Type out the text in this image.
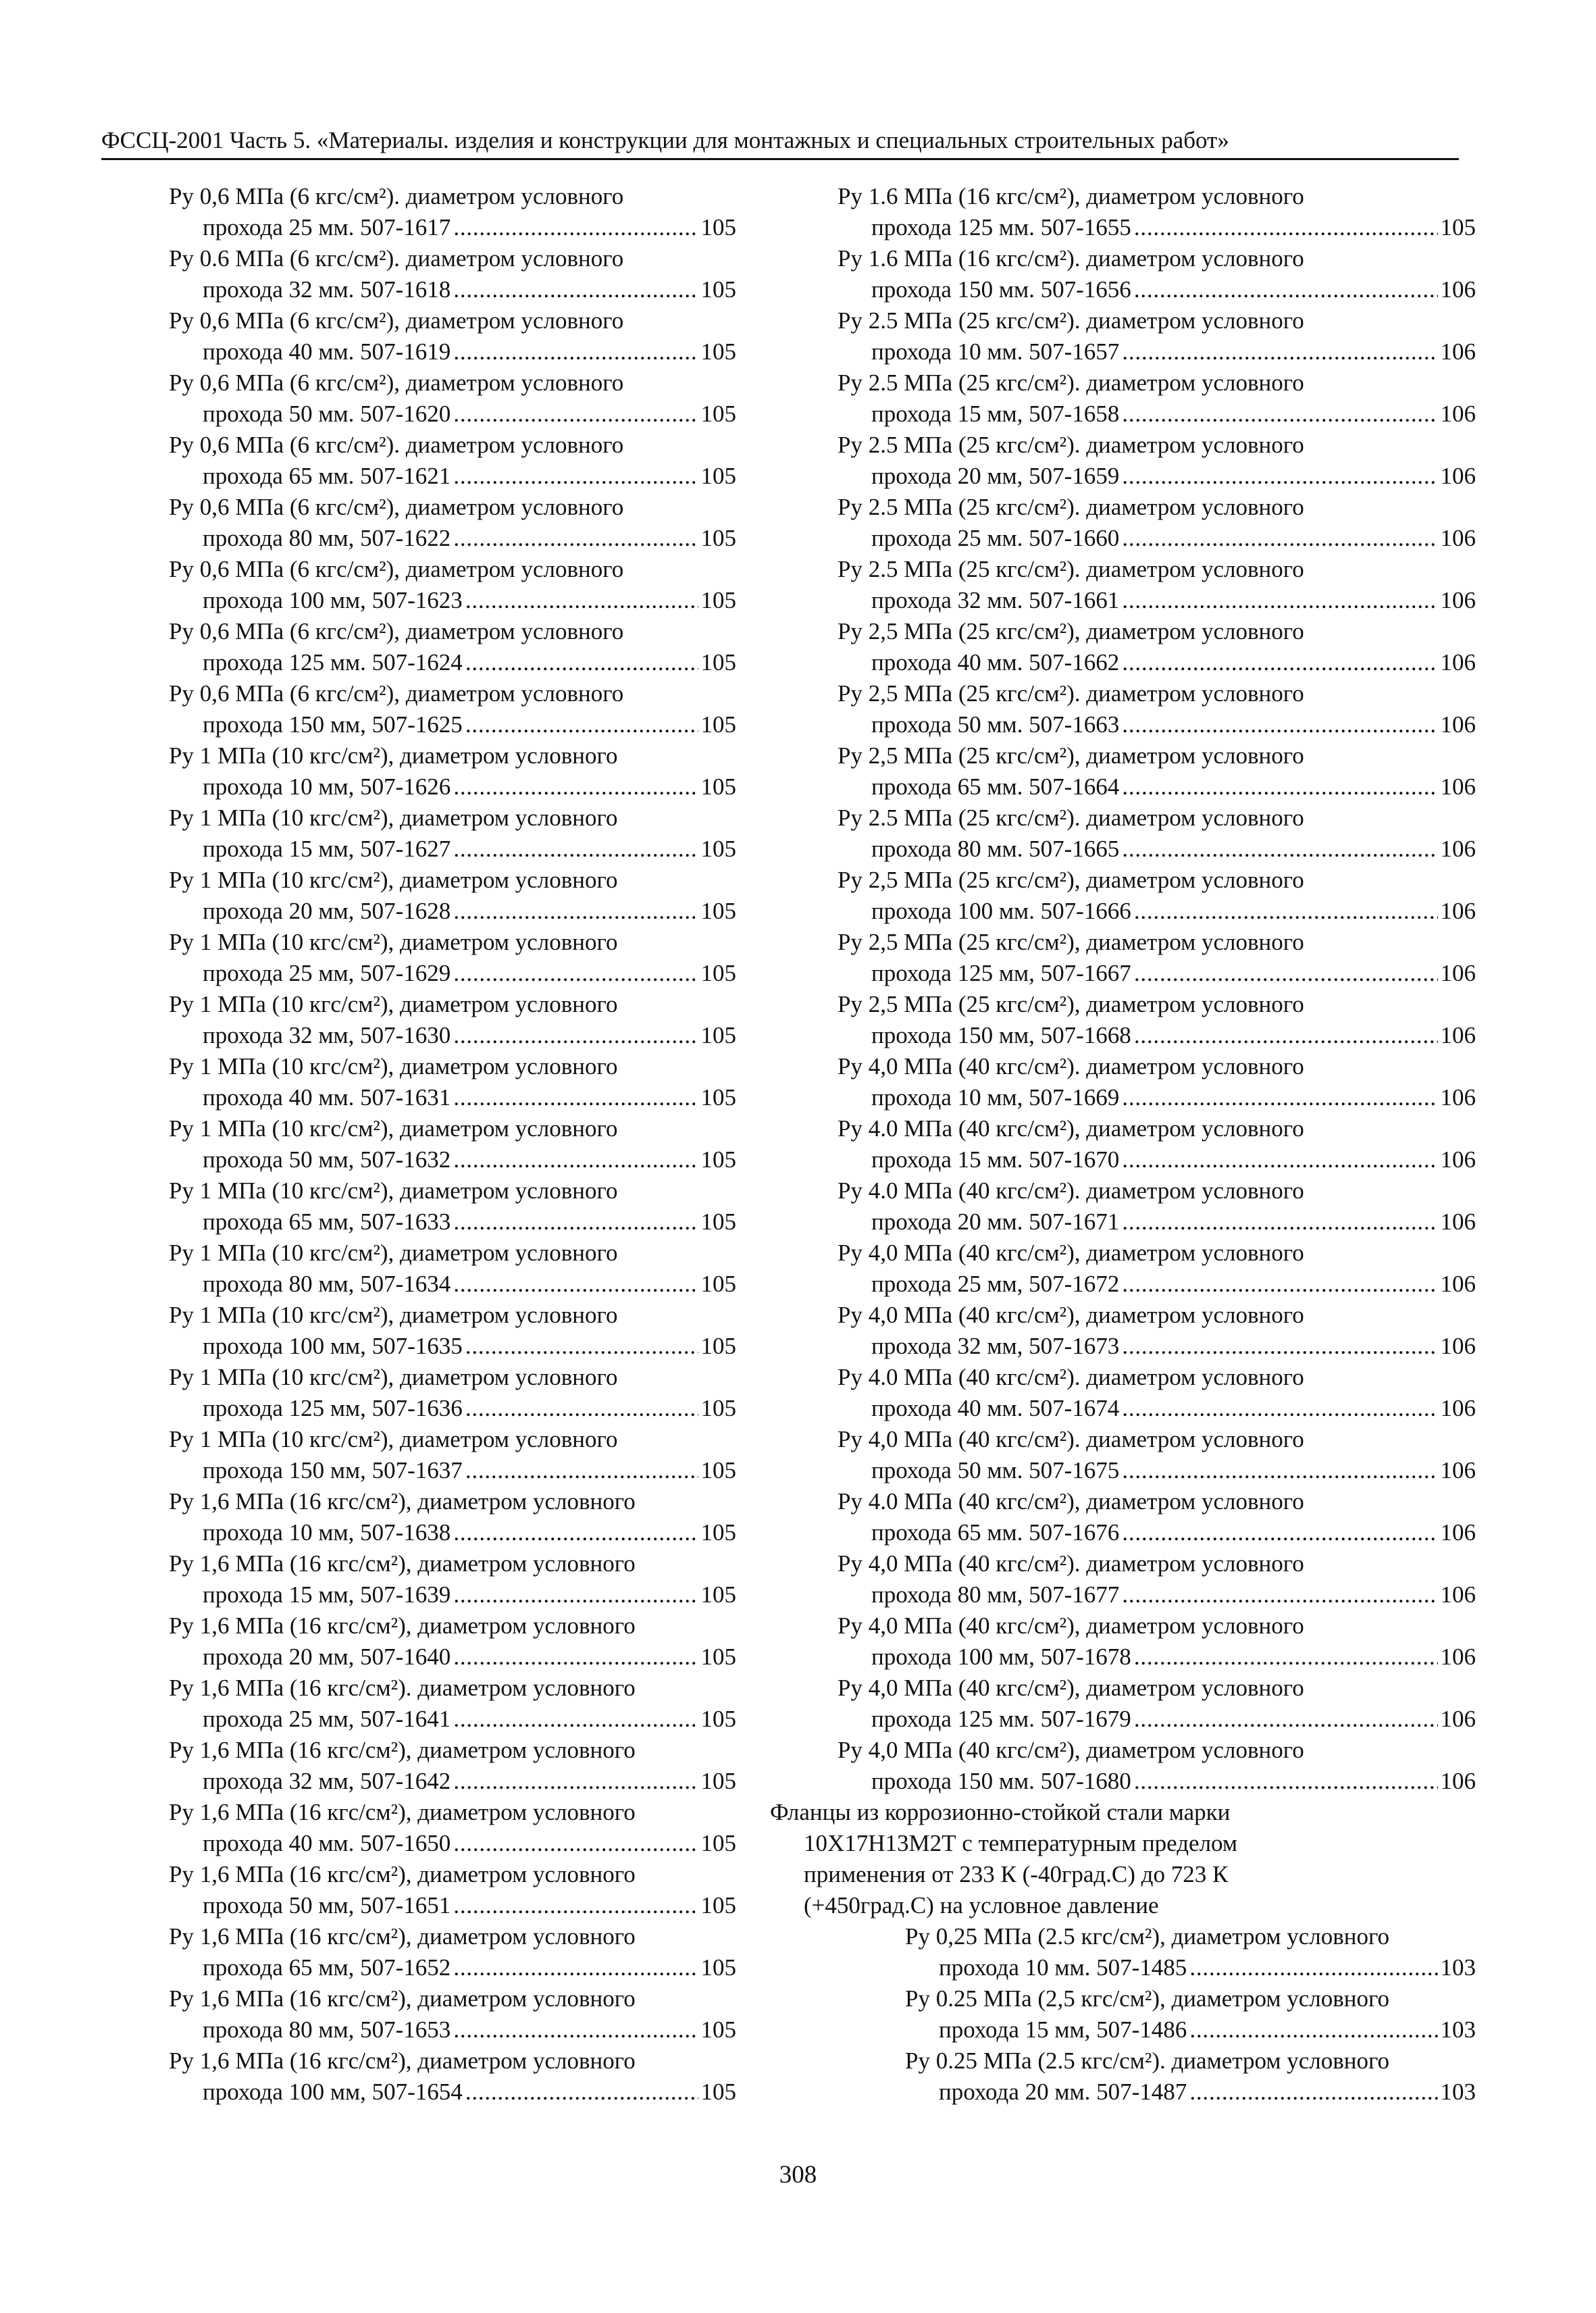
ФССЦ-2001 Часть 5. «Материалы. изделия и конструкции для монтажных и специальных строительных работ»
Ру 0,6 МПа (6 кгс/см²). диаметром условного
прохода 25 мм. 507-1617 . . .	105
Ру 0.6 МПа (6 кгс/см²). диаметром условного
прохода 32 мм. 507-1618 . . .	105
Ру 0,6 МПа (6 кгс/см²), диаметром условного
прохода 40 мм. 507-1619 . . .	105
Ру 0,6 МПа (6 кгс/см²), диаметром условного
прохода 50 мм. 507-1620 . . .	105
Ру 0,6 МПа (6 кгс/см²). диаметром условного
прохода 65 мм. 507-1621 . . .	105
Ру 0,6 МПа (6 кгс/см²), диаметром условного
прохода 80 мм, 507-1622 . . .	105
Ру 0,6 МПа (6 кгс/см²), диаметром условного
прохода 100 мм, 507-1623 . . .	105
Ру 0,6 МПа (6 кгс/см²), диаметром условного
прохода 125 мм. 507-1624 . . .	105
Ру 0,6 МПа (6 кгс/см²), диаметром условного
прохода 150 мм, 507-1625 . . .	105
Ру 1 МПа (10 кгс/см²), диаметром условного
прохода 10 мм, 507-1626 . . .	105
Ру 1 МПа (10 кгс/см²), диаметром условного
прохода 15 мм, 507-1627 . . .	105
Ру 1 МПа (10 кгс/см²), диаметром условного
прохода 20 мм, 507-1628 . . .	105
Ру 1 МПа (10 кгс/см²), диаметром условного
прохода 25 мм, 507-1629 . . .	105
Ру 1 МПа (10 кгс/см²), диаметром условного
прохода 32 мм, 507-1630 . . .	105
Ру 1 МПа (10 кгс/см²), диаметром условного
прохода 40 мм. 507-1631 . . .	105
Ру 1 МПа (10 кгс/см²), диаметром условного
прохода 50 мм, 507-1632 . . .	105
Ру 1 МПа (10 кгс/см²), диаметром условного
прохода 65 мм, 507-1633 . . .	105
Ру 1 МПа (10 кгс/см²), диаметром условного
прохода 80 мм, 507-1634 . . .	105
Ру 1 МПа (10 кгс/см²), диаметром условного
прохода 100 мм, 507-1635 . . .	105
Ру 1 МПа (10 кгс/см²), диаметром условного
прохода 125 мм, 507-1636 . . .	105
Ру 1 МПа (10 кгс/см²), диаметром условного
прохода 150 мм, 507-1637 . . .	105
Ру 1,6 МПа (16 кгс/см²), диаметром условного
прохода 10 мм, 507-1638 . . .	105
Ру 1,6 МПа (16 кгс/см²), диаметром условного
прохода 15 мм, 507-1639 . . .	105
Ру 1,6 МПа (16 кгс/см²), диаметром условного
прохода 20 мм, 507-1640 . . .	105
Ру 1,6 МПа (16 кгс/см²). диаметром условного
прохода 25 мм, 507-1641 . . .	105
Ру 1,6 МПа (16 кгс/см²), диаметром условного
прохода 32 мм, 507-1642 . . .	105
Ру 1,6 МПа (16 кгс/см²), диаметром условного
прохода 40 мм. 507-1650 . . .	105
Ру 1,6 МПа (16 кгс/см²), диаметром условного
прохода 50 мм, 507-1651 . . .	105
Ру 1,6 МПа (16 кгс/см²), диаметром условного
прохода 65 мм, 507-1652 . . .	105
Ру 1,6 МПа (16 кгс/см²), диаметром условного
прохода 80 мм, 507-1653 . . .	105
Ру 1,6 МПа (16 кгс/см²), диаметром условного
прохода 100 мм, 507-1654 . . .	105
Ру 1.6 МПа (16 кгс/см²), диаметром условного
прохода 125 мм. 507-1655 . . .	105
Ру 1.6 МПа (16 кгс/см²). диаметром условного
прохода 150 мм. 507-1656 . . .	106
Ру 2.5 МПа (25 кгс/см²). диаметром условного
прохода 10 мм. 507-1657 . . .	106
Ру 2.5 МПа (25 кгс/см²). диаметром условного
прохода 15 мм, 507-1658 . . .	106
Ру 2.5 МПа (25 кгс/см²). диаметром условного
прохода 20 мм, 507-1659 . . .	106
Ру 2.5 МПа (25 кгс/см²). диаметром условного
прохода 25 мм. 507-1660 . . .	106
Ру 2.5 МПа (25 кгс/см²). диаметром условного
прохода 32 мм. 507-1661 . . .	106
Ру 2,5 МПа (25 кгс/см²), диаметром условного
прохода 40 мм. 507-1662 . . .	106
Ру 2,5 МПа (25 кгс/см²). диаметром условного
прохода 50 мм. 507-1663 . . .	106
Ру 2,5 МПа (25 кгс/см²), диаметром условного
прохода 65 мм. 507-1664 . . .	106
Ру 2.5 МПа (25 кгс/см²). диаметром условного
прохода 80 мм. 507-1665 . . .	106
Ру 2,5 МПа (25 кгс/см²), диаметром условного
прохода 100 мм. 507-1666 . . .	106
Ру 2,5 МПа (25 кгс/см²), диаметром условного
прохода 125 мм, 507-1667 . . .	106
Ру 2,5 МПа (25 кгс/см²), диаметром условного
прохода 150 мм, 507-1668 . . .	106
Ру 4,0 МПа (40 кгс/см²). диаметром условного
прохода 10 мм, 507-1669 . . .	106
Ру 4.0 МПа (40 кгс/см²), диаметром условного
прохода 15 мм. 507-1670 . . .	106
Ру 4.0 МПа (40 кгс/см²). диаметром условного
прохода 20 мм. 507-1671 . . .	106
Ру 4,0 МПа (40 кгс/см²), диаметром условного
прохода 25 мм, 507-1672 . . .	106
Ру 4,0 МПа (40 кгс/см²), диаметром условного
прохода 32 мм, 507-1673 . . .	106
Ру 4.0 МПа (40 кгс/см²). диаметром условного
прохода 40 мм. 507-1674 . . .	106
Ру 4,0 МПа (40 кгс/см²). диаметром условного
прохода 50 мм. 507-1675 . . .	106
Ру 4.0 МПа (40 кгс/см²), диаметром условного
прохода 65 мм. 507-1676 . . .	106
Ру 4,0 МПа (40 кгс/см²). диаметром условного
прохода 80 мм, 507-1677 . . .	106
Ру 4,0 МПа (40 кгс/см²), диаметром условного
прохода 100 мм, 507-1678 . . .	106
Ру 4,0 МПа (40 кгс/см²), диаметром условного
прохода 125 мм. 507-1679 . . .	106
Ру 4,0 МПа (40 кгс/см²), диаметром условного
прохода 150 мм. 507-1680 . . .	106
Фланцы из коррозионно-стойкой стали марки
10Х17Н13М2Т с температурным пределом
применения от 233 К (-40град.С) до 723 К
(+450град.С) на условное давление
Ру 0,25 МПа (2.5 кгс/см²), диаметром условного
прохода 10 мм. 507-1485 . . .	103
Ру 0.25 МПа (2,5 кгс/см²), диаметром условного
прохода 15 мм, 507-1486 . . .	103
Ру 0.25 МПа (2.5 кгс/см²). диаметром условного
прохода 20 мм. 507-1487 . . .	103
308
